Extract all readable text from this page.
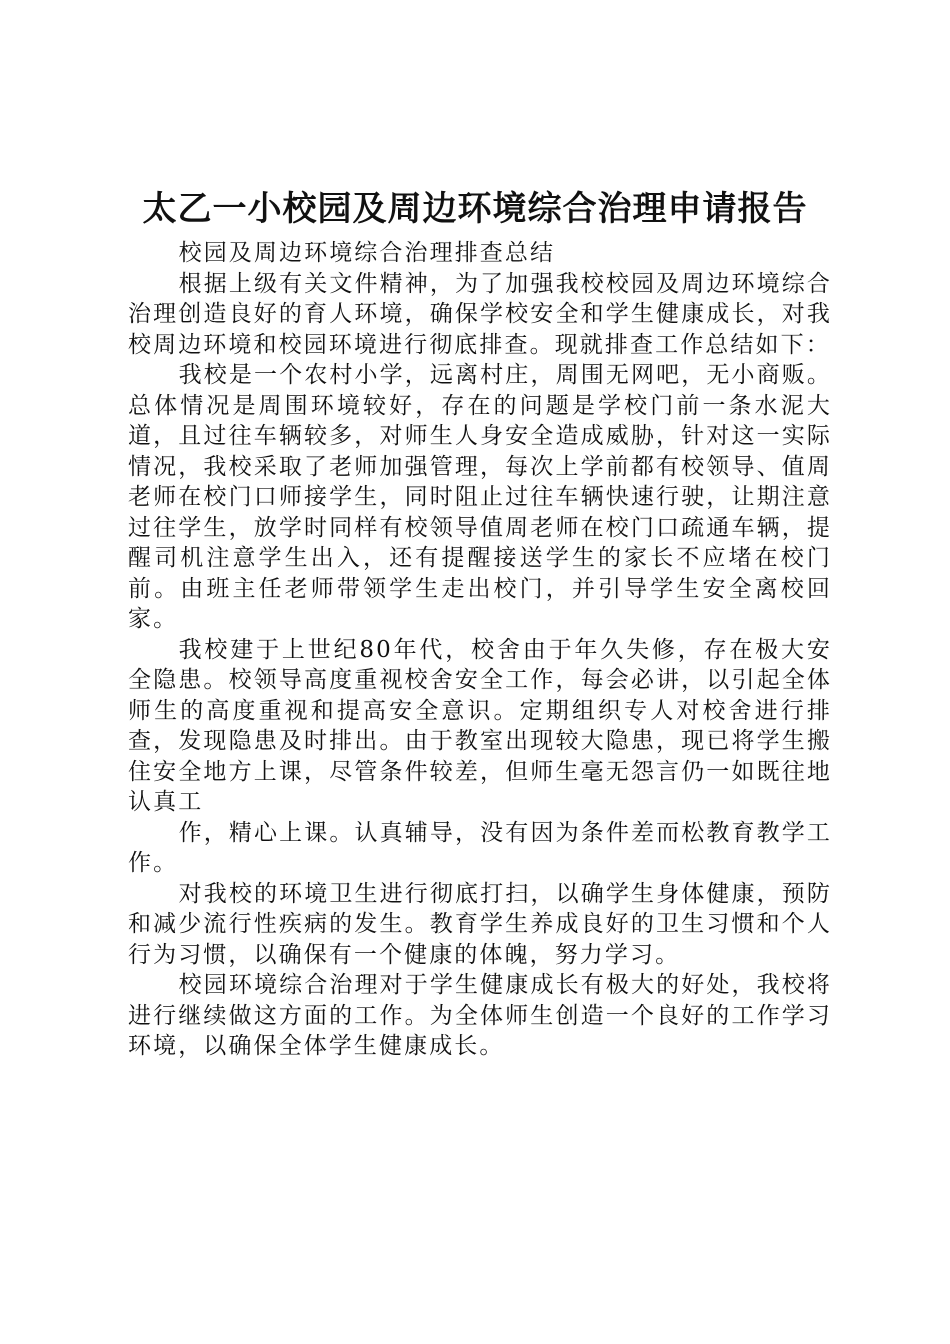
太乙一小校园及周边环境综合治理申请报告

校园及周边环境综合治理排查总结

根据上级有关文件精神，为了加强我校校园及周边环境综合治理创造良好的育人环境，确保学校安全和学生健康成长，对我校周边环境和校园环境进行彻底排查。现就排查工作总结如下：

我校是一个农村小学，远离村庄，周围无网吧，无小商贩。总体情况是周围环境较好，存在的问题是学校门前一条水泥大道，且过往车辆较多，对师生人身安全造成威胁，针对这一实际情况，我校采取了老师加强管理，每次上学前都有校领导、值周老师在校门口师接学生，同时阻止过往车辆快速行驶，让期注意过往学生，放学时同样有校领导值周老师在校门口疏通车辆，提醒司机注意学生出入，还有提醒接送学生的家长不应堵在校门前。由班主任老师带领学生走出校门，并引导学生安全离校回家。

我校建于上世纪80年代，校舍由于年久失修，存在极大安全隐患。校领导高度重视校舍安全工作，每会必讲，以引起全体师生的高度重视和提高安全意识。定期组织专人对校舍进行排查，发现隐患及时排出。由于教室出现较大隐患，现已将学生搬住安全地方上课，尽管条件较差，但师生毫无怨言仍一如既往地认真工

作，精心上课。认真辅导，没有因为条件差而松教育教学工作。

对我校的环境卫生进行彻底打扫，以确学生身体健康，预防和减少流行性疾病的发生。教育学生养成良好的卫生习惯和个人行为习惯，以确保有一个健康的体魄，努力学习。

校园环境综合治理对于学生健康成长有极大的好处，我校将进行继续做这方面的工作。为全体师生创造一个良好的工作学习环境，以确保全体学生健康成长。
